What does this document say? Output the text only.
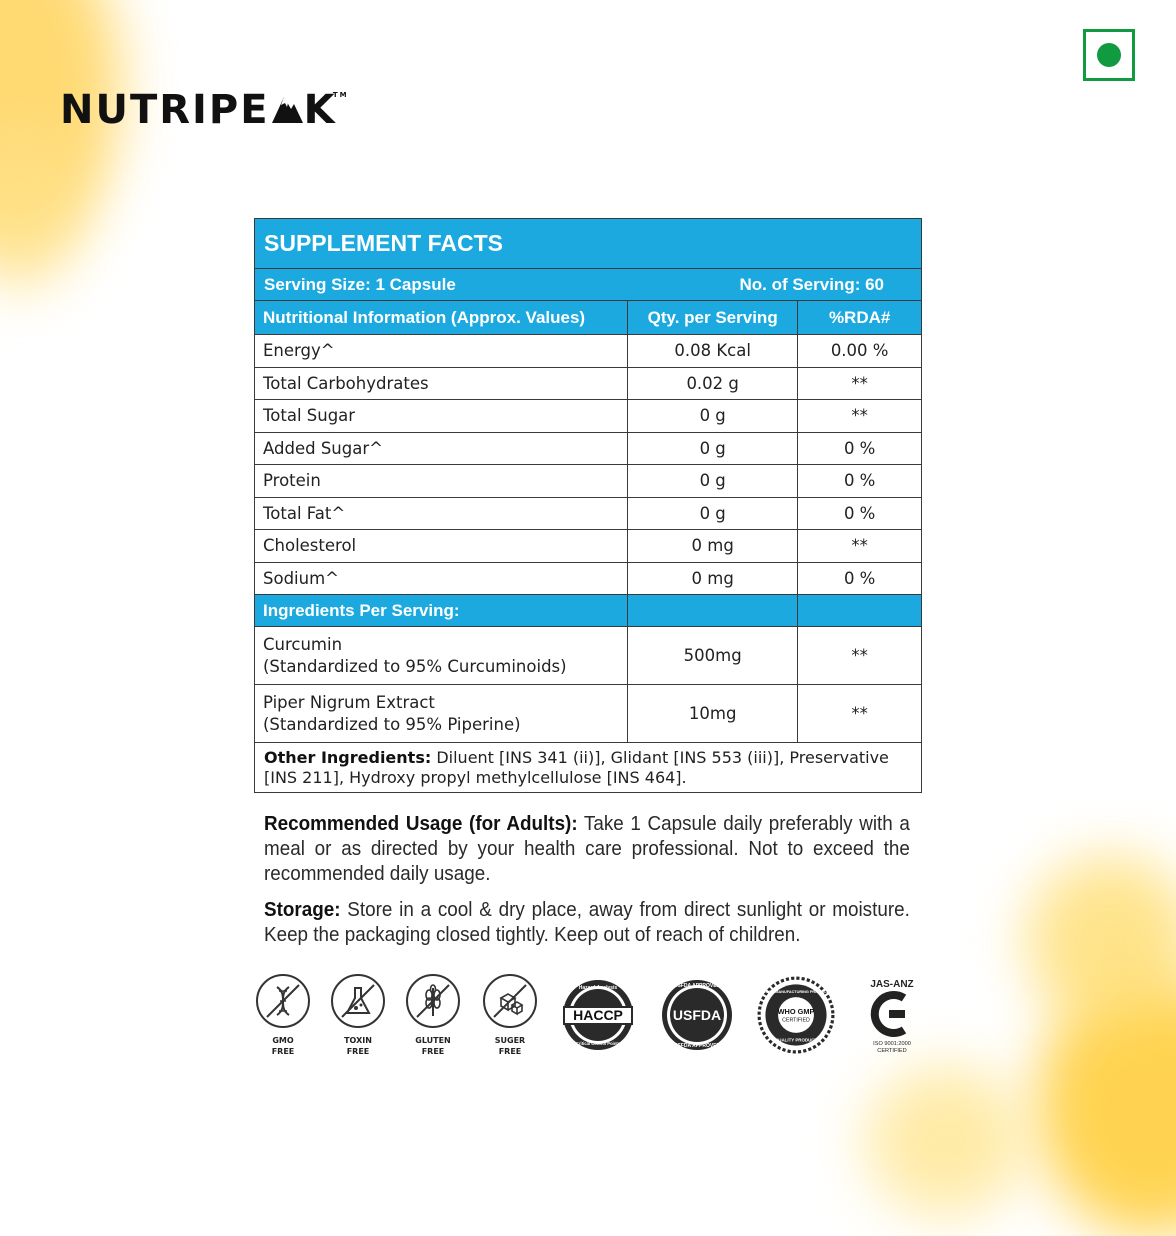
NUTRIPE K
TM
SUPPLEMENT FACTS
Serving Size: 1 Capsule	No. of Serving: 60
Nutritional Information (Approx. Values)	Qty. per Serving	%RDA#
Energy^	0.08 Kcal	0.00 %
Total Carbohydrates	0.02 g	**
Total Sugar	0 g	**
Added Sugar^	0 g	0 %
Protein	0 g	0 %
Total Fat^	0 g	0 %
Cholesterol	0 mg	**
Sodium^	0 mg	0 %
Ingredients Per Serving:		

Curcumin
(Standardized to 95% Curcuminoids)	500mg	**

Piper Nigrum Extract
(Standardized to 95% Piperine)	10mg	**
Other Ingredients: Diluent [INS 341 (ii)], Glidant [INS 553 (iii)], Preservative [INS 211], Hydroxy propyl methylcellulose [INS 464].
Recommended Usage (for Adults): Take 1 Capsule daily preferably with a meal or as directed by your health care professional. Not to exceed the recommended daily usage.
Storage: Store in a cool & dry place, away from direct sunlight or moisture. Keep the packaging closed tightly. Keep out of reach of children.
GMO
FREE
TOXIN
FREE
GLUTEN
FREE
SUGER
FREE
HACCP
Hazard Analysis
Critical Control Points
USFDA
USFDA APPROVED
USFDA APPROVED
WHO GMP
CERTIFIED
GOOD MANUFACTURING PRACTICE
QUALITY PRODUCT
JAS-ANZ
ISO 9001:2000
CERTIFIED
